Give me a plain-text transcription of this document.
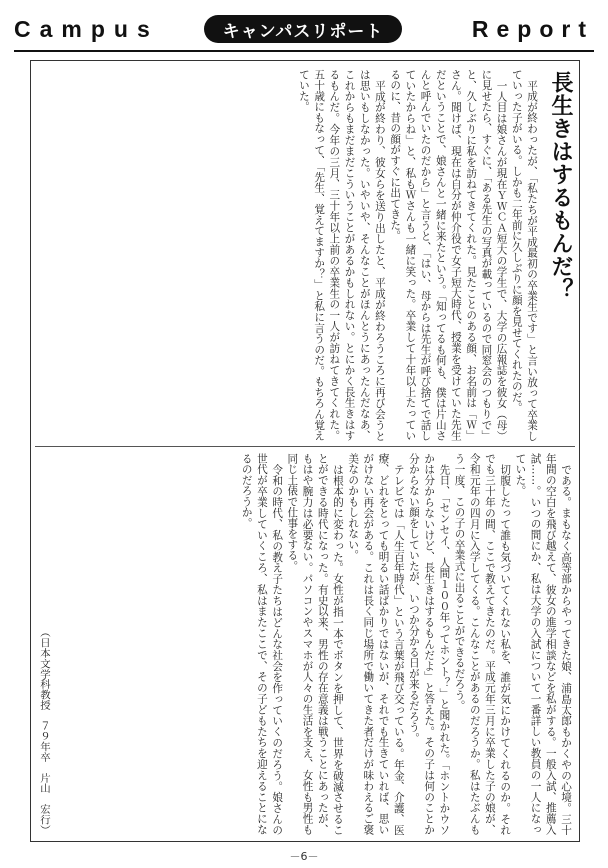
Campus	キャンパスリポート	Report
長生きはするもんだ？

平成が終わったが、「私たちが平成最初の卒業生です」と言い放って卒業していった子がいる。しかも二年前に久しぶりに顔を見せてくれたのだ。

一人目は娘さんが現在ＹＷＣＡ短大の学生で、大学の広報誌を彼女（母）に見せたら、すぐに、「ある先生の写真が載っているので同窓会のつもりで」と、久しぶりに私を訪ねてきてくれた。見たことのある顔、お名前は「Ｗ」さん。聞けば、現在は自分が仲介役で女子短大時代、授業を受けていた先生だということで、娘さんと一緒に来たという。「知ってるも何も、僕は片山さんと呼んでいたのだから」と言うと、「はい、母からは先生が呼び捨てで話していたからね」と、私もＷさんも一緒に笑った。卒業して十年以上たっているのに、昔の顔がすぐに出てきた。

平成が終わり、彼女らを送り出したと、平成が終わろうころに再び会うとは思いもしなかった。いやいや、そんなことがほんとうにあったんだなあ、これからもまだまだこういうことがあるかもしれない。とにかく長生きはするもんだ。今年の三月、三十年以上前の卒業生の一人が訪ねてきてくれた。五十歳にもなって、「先生、覚えてますか？」と私に言うのだ。もちろん覚えていた。

である。まもなく高等部からやってきた娘、浦島太郎もかくやの心境。三十年間の空白を飛び越えて、彼女の進学相談などを私がする。一般入試、推薦入試……。いつの間にか、私は大学の入試について一番詳しい教員の一人になっていた。

切腹したって誰も気づいてくれない私を、誰が気にかけてくれるのか。それでも三十年の間、ここで教えてきたのだ。平成元年三月に卒業した子の娘が、令和元年の四月に入学してくる。こんなことがあるのだろうか。私はたぶんもう一度、この子の卒業式に出ることができるだろう。

先日、「センセイ、人間１００年ってホント？」と聞かれた。「ホントかウソかは分からないけど、長生きはするもんだよ」と答えた。その子は何のことか分からない顔をしていたが、いつか分かる日が来るだろう。

テレビでは「人生百年時代」という言葉が飛び交っている。年金、介護、医療、どれをとっても明るい話ばかりではないが、それでも生きていれば、思いがけない再会がある。これは長く同じ場所で働いてきた者だけが味わえるご褒美なのかもしれない。

は根本的に変わった。女性が指一本でボタンを押して、世界を破滅させることができる時代になった。有史以来、男性の存在意義は戦うことにあったが、もはや腕力は必要ない。パソコンやスマホが人々の生活を支え、女性も男性も同じ土俵で仕事をする。

令和の時代、私の教え子たちはどんな社会を作っていくのだろう。娘さんの世代が卒業していくころ、私はまたここで、その子どもたちを迎えることになるのだろうか。

（日本文学科教授　７９年卒　片山　宏行）
－6－
